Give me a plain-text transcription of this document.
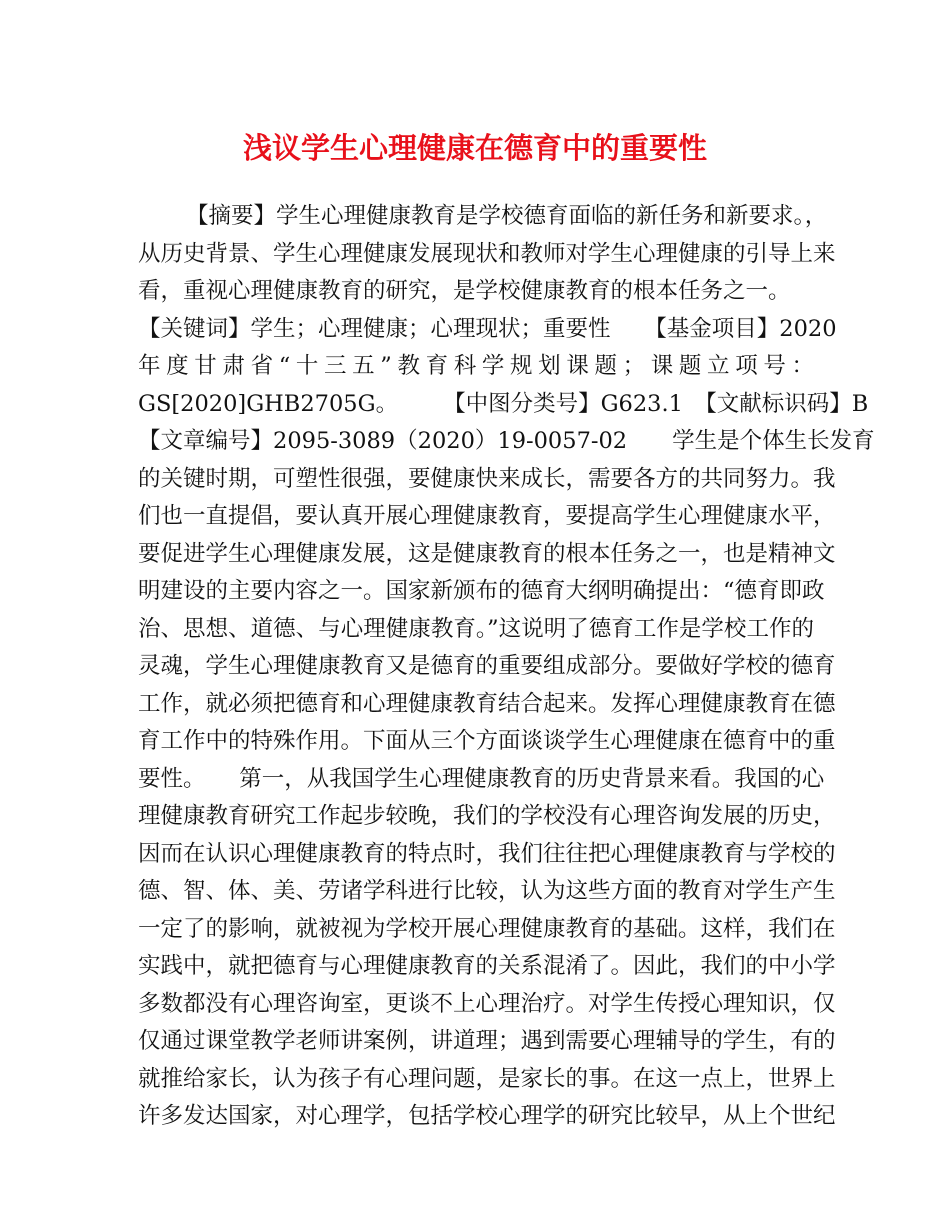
浅议学生心理健康在德育中的重要性
【摘要】学生心理健康教育是学校德育面临的新任务和新要求。，
从历史背景、学生心理健康发展现状和教师对学生心理健康的引导上来
看，重视心理健康教育的研究，是学校健康教育的根本任务之一。
【关键词】学生；心理健康；心理现状；重要性　　【基金项目】2020
年度甘肃省“十三五”教育科学规划课题；课题立项号：
GS[2020]GHB2705G。　　　【中图分类号】G623.1　【文献标识码】B
【文章编号】2095-3089（2020）19-0057-02　　学生是个体生长发育
的关键时期，可塑性很强，要健康快来成长，需要各方的共同努力。我
们也一直提倡，要认真开展心理健康教育，要提高学生心理健康水平，
要促进学生心理健康发展，这是健康教育的根本任务之一，也是精神文
明建设的主要内容之一。国家新颁布的德育大纲明确提出：“德育即政
治、思想、道德、与心理健康教育。”这说明了德育工作是学校工作的
灵魂，学生心理健康教育又是德育的重要组成部分。要做好学校的德育
工作，就必须把德育和心理健康教育结合起来。发挥心理健康教育在德
育工作中的特殊作用。下面从三个方面谈谈学生心理健康在德育中的重
要性。　　第一，从我国学生心理健康教育的历史背景来看。我国的心
理健康教育研究工作起步较晚，我们的学校没有心理咨询发展的历史，
因而在认识心理健康教育的特点时，我们往往把心理健康教育与学校的
德、智、体、美、劳诸学科进行比较，认为这些方面的教育对学生产生
一定了的影响，就被视为学校开展心理健康教育的基础。这样，我们在
实践中，就把德育与心理健康教育的关系混淆了。因此，我们的中小学
多数都没有心理咨询室，更谈不上心理治疗。对学生传授心理知识，仅
仅通过课堂教学老师讲案例，讲道理；遇到需要心理辅导的学生，有的
就推给家长，认为孩子有心理问题，是家长的事。在这一点上，世界上
许多发达国家，对心理学，包括学校心理学的研究比较早，从上个世纪
